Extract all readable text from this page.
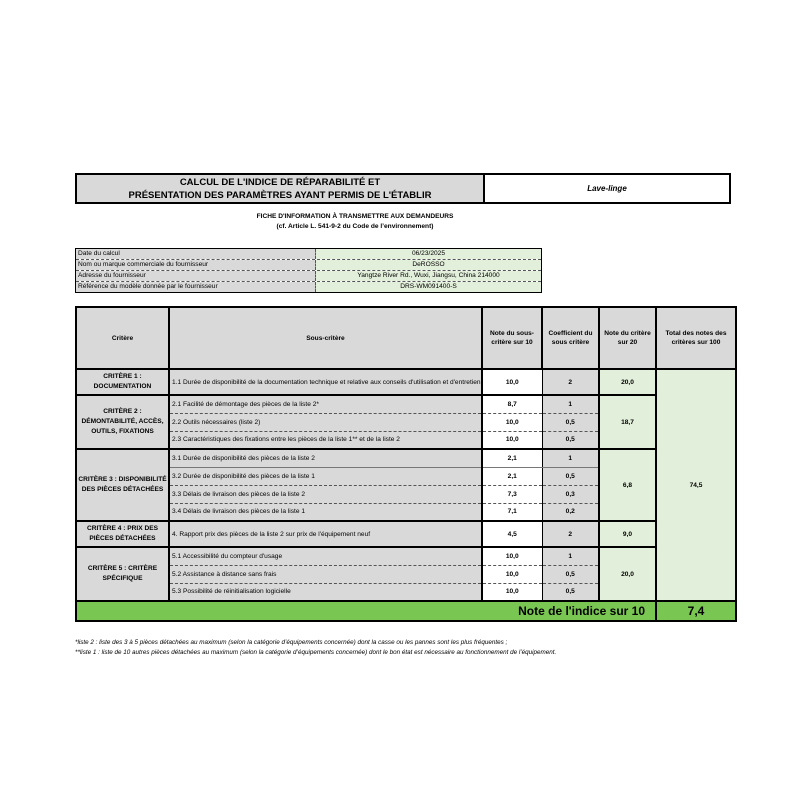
CALCUL DE L'INDICE DE RÉPARABILITÉ ET
PRÉSENTATION DES PARAMÈTRES AYANT PERMIS DE L'ÉTABLIR
Lave-linge
FICHE D'INFORMATION À TRANSMETTRE AUX DEMANDEURS
(cf. Article L. 541-9-2 du Code de l’environnement)
Date du calcul	06/23/2025
Nom ou marque commerciale du fournisseur	DeROSSO
Adresse du fournisseur	Yangtze River Rd., Wuxi, Jiangsu, China 214000
Référence du modèle donnée par le fournisseur	DRS-WM091400-S
Critère	Sous-critère	Note du sous-critère sur 10	Coefficient du sous critère	Note du critère sur 20	Total des notes des critères sur 100
CRITÈRE 1 : DOCUMENTATION	1.1 Durée de disponibilité de la documentation technique et relative aux conseils d'utilisation et d'entretien	10,0	2	20,0	74,5
CRITÈRE 2 : DÉMONTABILITÉ, ACCÈS, OUTILS, FIXATIONS	2.1 Facilité de démontage des pièces de la liste 2*	8,7	1	18,7	
	2.2 Outils nécessaires (liste 2)	10,0	0,5		
	2.3 Caractéristiques des fixations entre les pièces de la liste 1** et de la liste 2	10,0	0,5		
CRITÈRE 3 : DISPONIBILITÉ DES PIÈCES DÉTACHÉES	3.1 Durée de disponibilité des pièces de la liste 2	2,1	1	6,8	
	3.2 Durée de disponibilité des pièces de la liste 1	2,1	0,5		
	3.3 Délais de livraison des pièces de la liste 2	7,3	0,3		
	3.4 Délais de livraison des pièces de la liste 1	7,1	0,2		
CRITÈRE 4 : PRIX DES PIÈCES DÉTACHÉES	4. Rapport prix des pièces de la liste 2 sur prix de l'équipement neuf	4,5	2	9,0	
CRITÈRE 5 : CRITÈRE SPÉCIFIQUE	5.1 Accessibilité du compteur d'usage	10,0	1	20,0	
	5.2 Assistance à distance sans frais	10,0	0,5		
	5.3 Possibilité de réinitialisation logicielle	10,0	0,5		
Note de l'indice sur 10					7,4
*liste 2 : liste des 3 à 5 pièces détachées au maximum (selon la catégorie d’équipements concernée) dont la casse ou les pannes sont les plus fréquentes ;
**liste 1 : liste de 10 autres pièces détachées au maximum (selon la catégorie d’équipements concernée) dont le bon état est nécessaire au fonctionnement de l’équipement.
